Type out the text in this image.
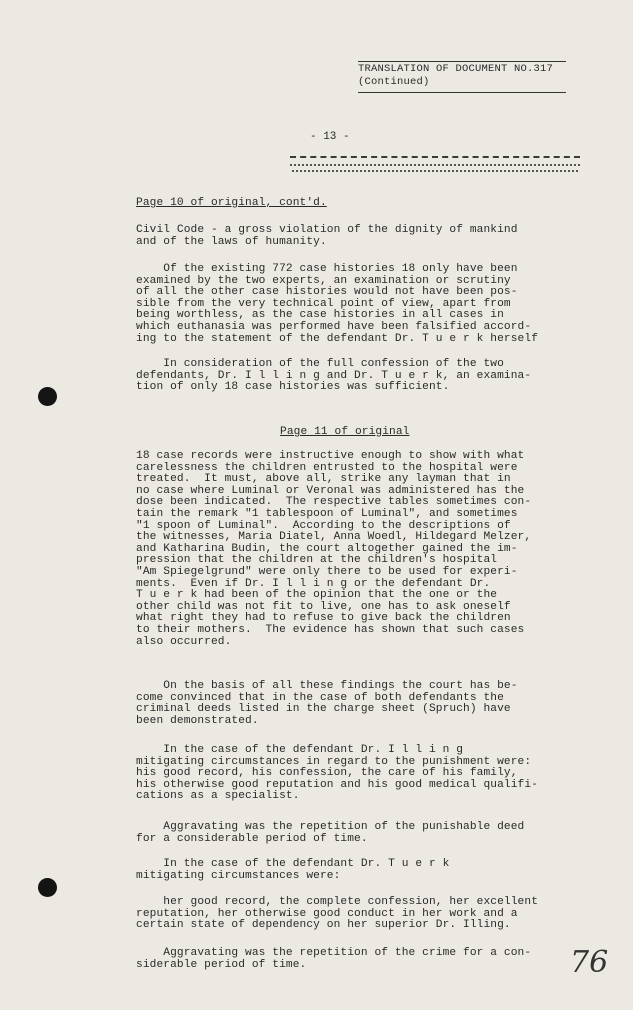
TRANSLATION OF DOCUMENT NO.317
(Continued)
- 13 -
Page 10 of original, cont'd.
Civil Code - a gross violation of the dignity of mankind
and of the laws of humanity.
Of the existing 772 case histories 18 only have been
examined by the two experts, an examination or scrutiny
of all the other case histories would not have been pos-
sible from the very technical point of view, apart from
being worthless, as the case histories in all cases in
which euthanasia was performed have been falsified accord-
ing to the statement of the defendant Dr. T u e r k herself
In consideration of the full confession of the two
defendants, Dr. I l l i n g and Dr. T u e r k, an examina-
tion of only 18 case histories was sufficient.
Page 11 of original
18 case records were instructive enough to show with what
carelessness the children entrusted to the hospital were
treated.  It must, above all, strike any layman that in
no case where Luminal or Veronal was administered has the
dose been indicated.  The respective tables sometimes con-
tain the remark "1 tablespoon of Luminal", and sometimes
"1 spoon of Luminal".  According to the descriptions of
the witnesses, Maria Diatel, Anna Woedl, Hildegard Melzer,
and Katharina Budin, the court altogether gained the im-
pression that the children at the children's hospital
"Am Spiegelgrund" were only there to be used for experi-
ments.  Even if Dr. I l l i n g or the defendant Dr.
T u e r k had been of the opinion that the one or the
other child was not fit to live, one has to ask oneself
what right they had to refuse to give back the children
to their mothers.  The evidence has shown that such cases
also occurred.
On the basis of all these findings the court has be-
come convinced that in the case of both defendants the
criminal deeds listed in the charge sheet (Spruch) have
been demonstrated.
In the case of the defendant Dr. I l l i n g
mitigating circumstances in regard to the punishment were:
his good record, his confession, the care of his family,
his otherwise good reputation and his good medical qualifi-
cations as a specialist.
Aggravating was the repetition of the punishable deed
for a considerable period of time.
In the case of the defendant Dr. T u e r k
mitigating circumstances were:
her good record, the complete confession, her excellent
reputation, her otherwise good conduct in her work and a
certain state of dependency on her superior Dr. Illing.
Aggravating was the repetition of the crime for a con-
siderable period of time.	76
